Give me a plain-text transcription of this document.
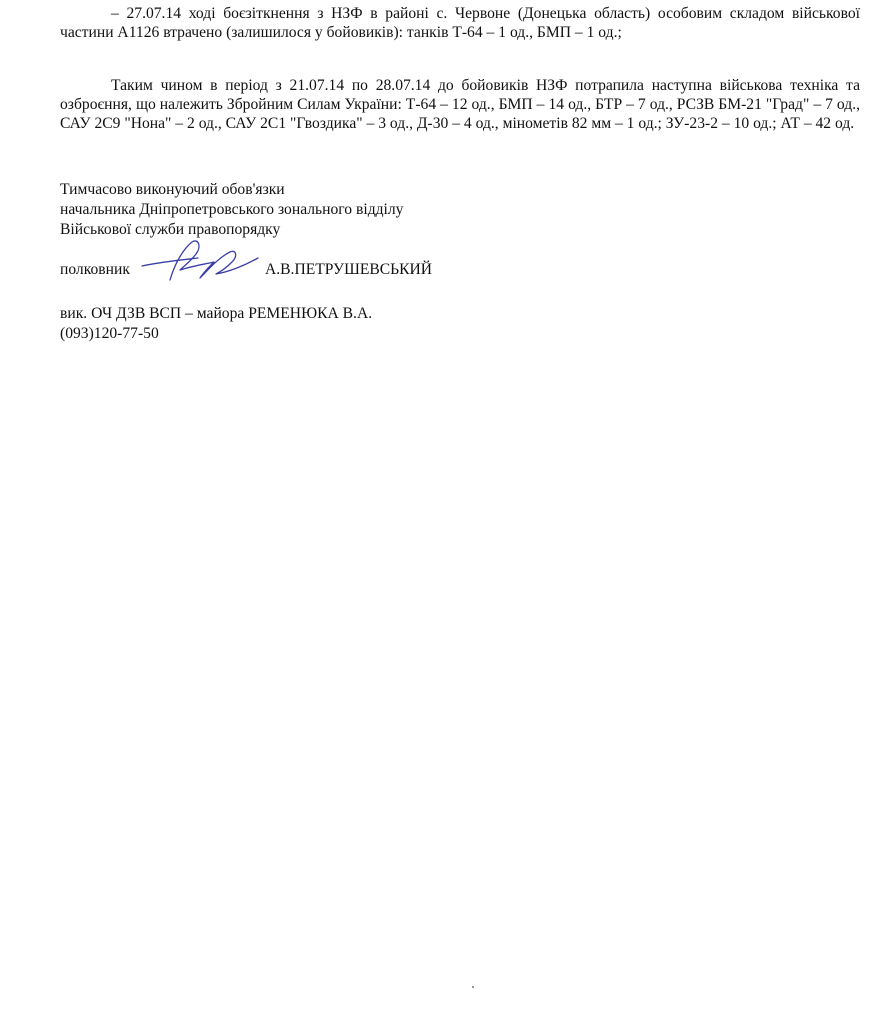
– 27.07.14 ході боєзіткнення з НЗФ в районі с. Червоне (Донецька область) особовим складом військової частини А1126 втрачено (залишилося у бойовиків): танків Т-64 – 1 од., БМП – 1 од.;

Таким чином в період з 21.07.14 по 28.07.14 до бойовиків НЗФ потрапила наступна військова техніка та озброєння, що належить Збройним Силам України: Т-64 – 12 од., БМП – 14 од., БТР – 7 од., РСЗВ БМ-21 "Град" – 7 од., САУ 2С9 "Нона" – 2 од., САУ 2С1 "Гвоздика" – 3 од., Д-30 – 4 од., мінометів 82 мм – 1 од.; ЗУ-23-2 – 10 од.; АТ – 42 од.

Тимчасово виконуючий обов'язки

начальника Дніпропетровського зонального відділу

Військової служби правопорядку

полковник	А.В.ПЕТРУШЕВСЬКИЙ

вик. ОЧ ДЗВ ВСП – майора РЕМЕНЮКА В.А.

(093)120-77-50
